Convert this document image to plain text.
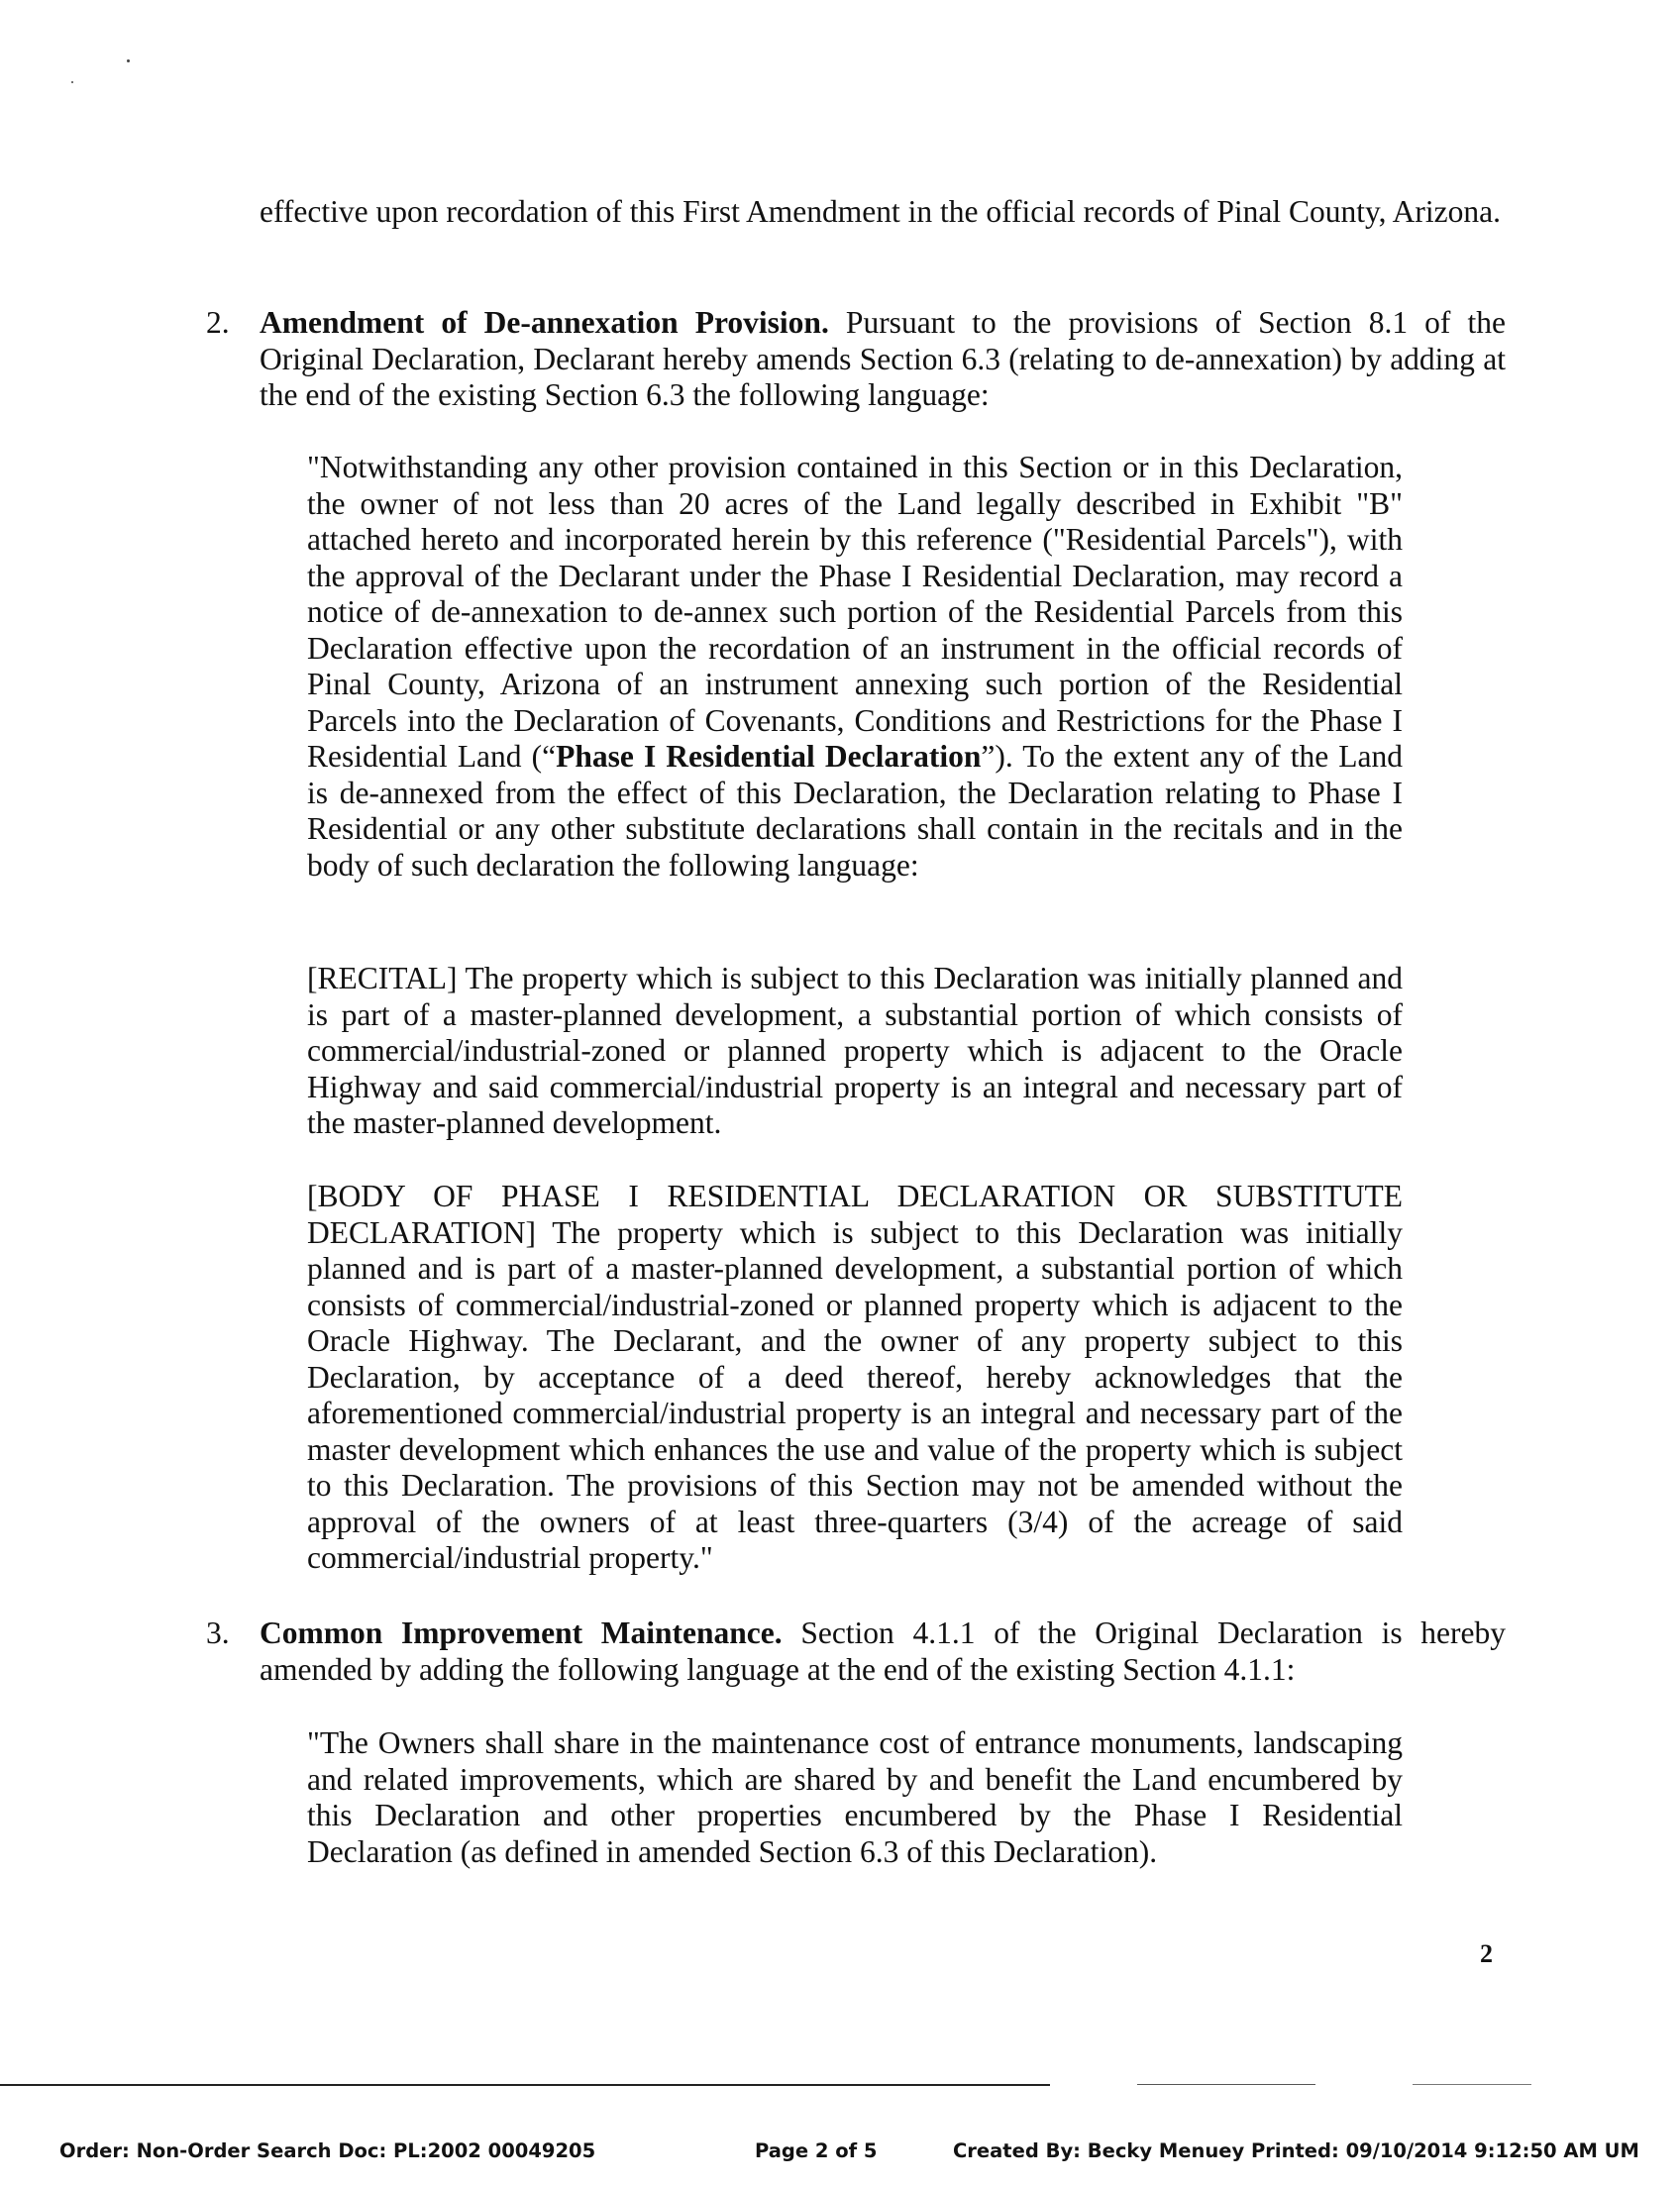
effective upon recordation of this First Amendment in the official records of Pinal County, Arizona.

2. Amendment of De-annexation Provision. Pursuant to the provisions of Section 8.1 of the Original Declaration, Declarant hereby amends Section 6.3 (relating to de-annexation) by adding at the end of the existing Section 6.3 the following language:
"Notwithstanding any other provision contained in this Section or in this Declaration, the owner of not less than 20 acres of the Land legally described in Exhibit "B" attached hereto and incorporated herein by this reference ("Residential Parcels"), with the approval of the Declarant under the Phase I Residential Declaration, may record a notice of de-annexation to de-annex such portion of the Residential Parcels from this Declaration effective upon the recordation of an instrument in the official records of Pinal County, Arizona of an instrument annexing such portion of the Residential Parcels into the Declaration of Covenants, Conditions and Restrictions for the Phase I Residential Land (“Phase I Residential Declaration”). To the extent any of the Land is de-annexed from the effect of this Declaration, the Declaration relating to Phase I Residential or any other substitute declarations shall contain in the recitals and in the body of such declaration the following language:

[RECITAL] The property which is subject to this Declaration was initially planned and is part of a master-planned development, a substantial portion of which consists of commercial/industrial-zoned or planned property which is adjacent to the Oracle Highway and said commercial/industrial property is an integral and necessary part of the master-planned development.

[BODY OF PHASE I RESIDENTIAL DECLARATION OR SUBSTITUTE DECLARATION] The property which is subject to this Declaration was initially planned and is part of a master-planned development, a substantial portion of which consists of commercial/industrial-zoned or planned property which is adjacent to the Oracle Highway. The Declarant, and the owner of any property subject to this Declaration, by acceptance of a deed thereof, hereby acknowledges that the aforementioned commercial/industrial property is an integral and necessary part of the master development which enhances the use and value of the property which is subject to this Declaration. The provisions of this Section may not be amended without the approval of the owners of at least three-quarters (3/4) of the acreage of said commercial/industrial property."

3. Common Improvement Maintenance. Section 4.1.1 of the Original Declaration is hereby amended by adding the following language at the end of the existing Section 4.1.1:

"The Owners shall share in the maintenance cost of entrance monuments, landscaping and related improvements, which are shared by and benefit the Land encumbered by this Declaration and other properties encumbered by the Phase I Residential Declaration (as defined in amended Section 6.3 of this Declaration).

2
Order: Non-Order Search Doc: PL:2002 00049205	Page 2 of 5	Created By: Becky Menuey Printed: 09/10/2014 9:12:50 AM UM
